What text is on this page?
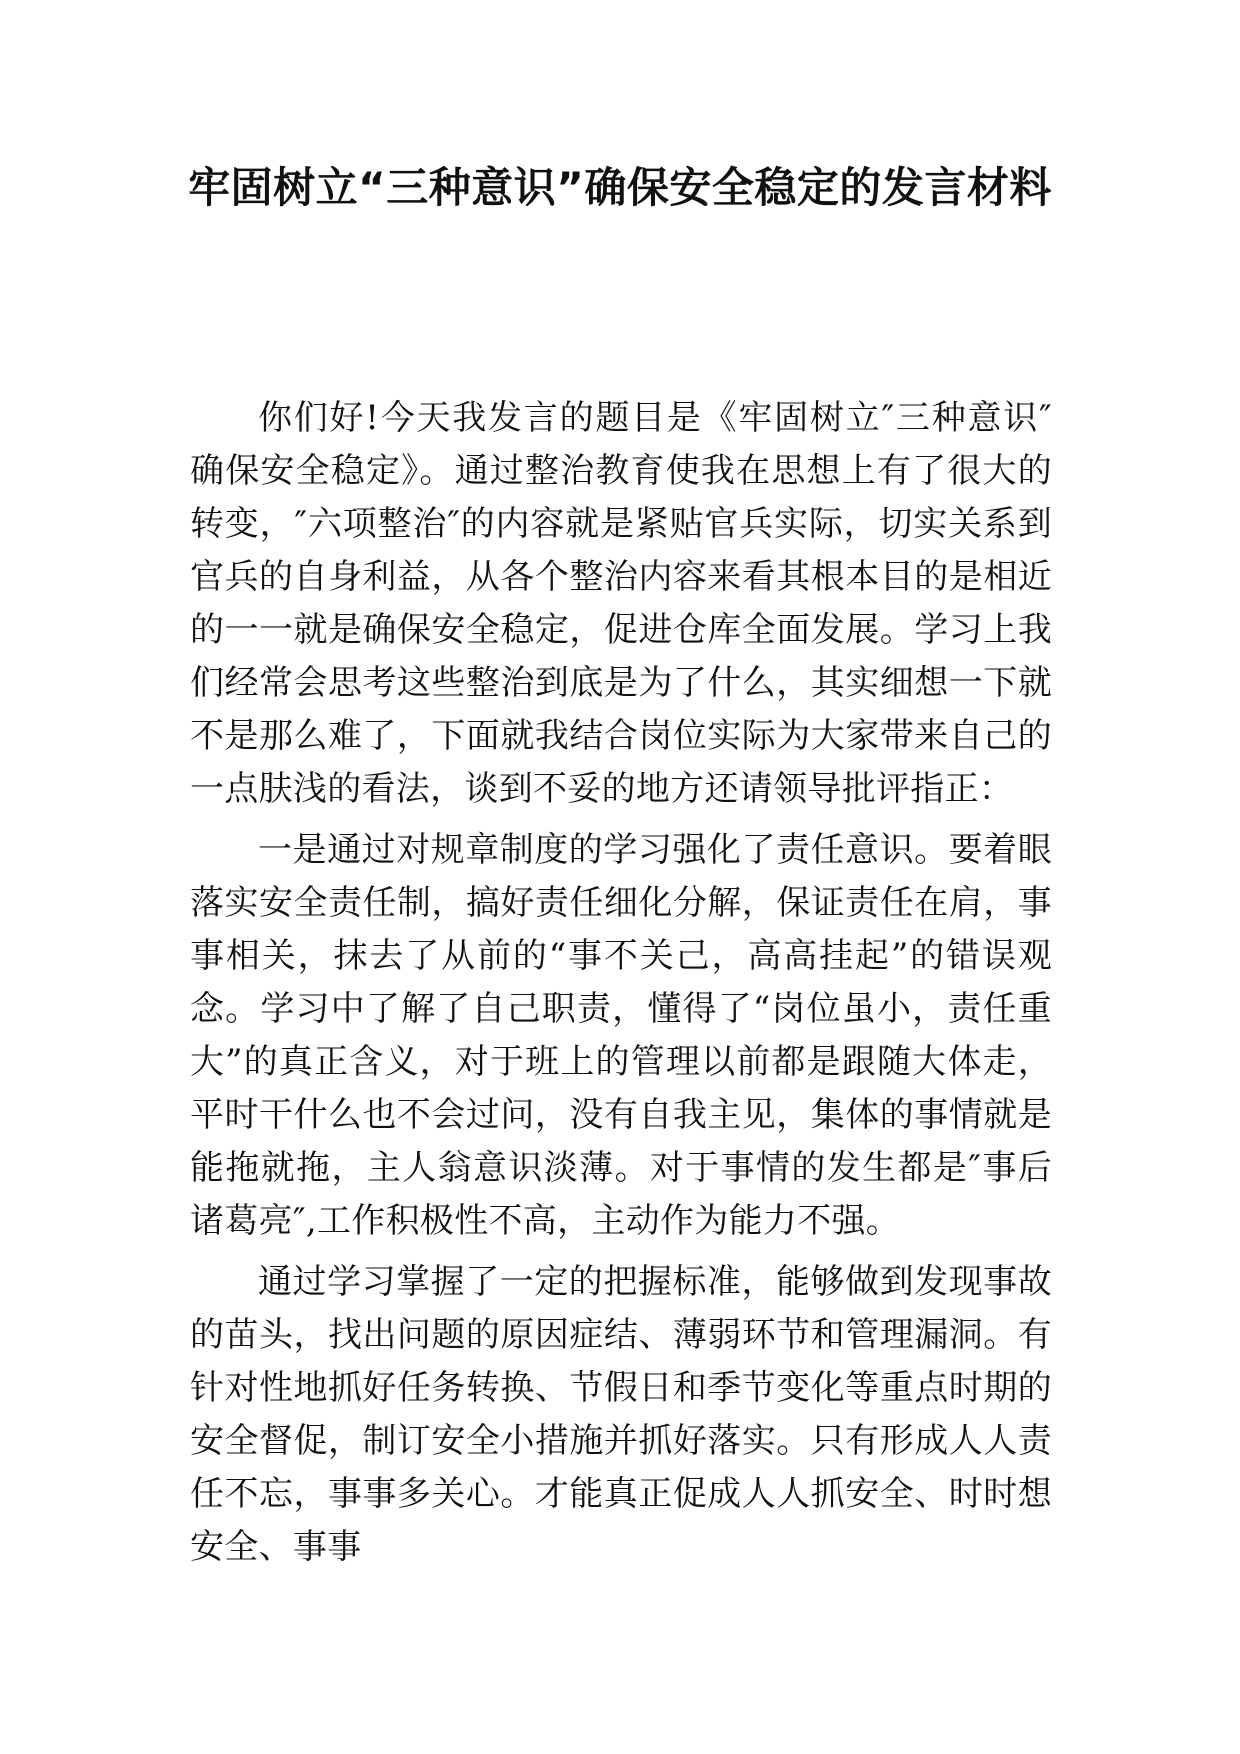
牢固树立“三种意识”确保安全稳定的发言材料

你们好!今天我发言的题目是《牢固树立″三种意识″确保安全稳定》。通过整治教育使我在思想上有了很大的转变，″六项整治″的内容就是紧贴官兵实际，切实关系到官兵的自身利益，从各个整治内容来看其根本目的是相近的一一就是确保安全稳定，促进仓库全面发展。学习上我们经常会思考这些整治到底是为了什么，其实细想一下就不是那么难了，下面就我结合岗位实际为大家带来自己的一点肤浅的看法，谈到不妥的地方还请领导批评指正：

一是通过对规章制度的学习强化了责任意识。要着眼落实安全责任制，搞好责任细化分解，保证责任在肩，事事相关，抹去了从前的“事不关己，高高挂起”的错误观念。学习中了解了自己职责，懂得了“岗位虽小，责任重大”的真正含义，对于班上的管理以前都是跟随大体走，平时干什么也不会过问，没有自我主见，集体的事情就是能拖就拖，主人翁意识淡薄。对于事情的发生都是″事后诸葛亮″,工作积极性不高，主动作为能力不强。

通过学习掌握了一定的把握标准，能够做到发现事故的苗头，找出问题的原因症结、薄弱环节和管理漏洞。有针对性地抓好任务转换、节假日和季节变化等重点时期的安全督促，制订安全小措施并抓好落实。只有形成人人责任不忘，事事多关心。才能真正促成人人抓安全、时时想安全、事事
